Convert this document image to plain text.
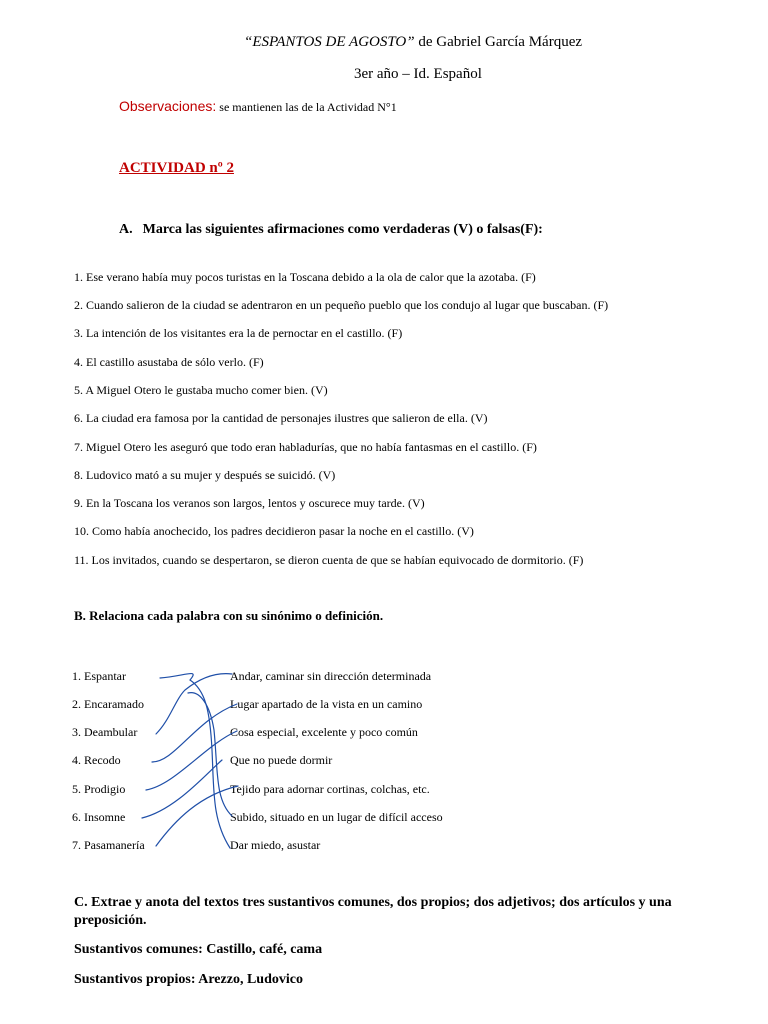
“ESPANTOS DE AGOSTO” de Gabriel García Márquez
3er año – Id. Español
Observaciones: se mantienen las de la Actividad N°1
ACTIVIDAD nº 2
A. Marca las siguientes afirmaciones como verdaderas (V) o falsas(F):
1. Ese verano había muy pocos turistas en la Toscana debido a la ola de calor que la azotaba. (F)
2. Cuando salieron de la ciudad se adentraron en un pequeño pueblo que los condujo al lugar que buscaban. (F)
3. La intención de los visitantes era la de pernoctar en el castillo. (F)
4. El castillo asustaba de sólo verlo. (F)
5. A Miguel Otero le gustaba mucho comer bien. (V)
6. La ciudad era famosa por la cantidad de personajes ilustres que salieron de ella. (V)
7. Miguel Otero les aseguró que todo eran habladurías, que no había fantasmas en el castillo. (F)
8. Ludovico mató a su mujer y después se suicidó. (V)
9. En la Toscana los veranos son largos, lentos y oscurece muy tarde. (V)
10. Como había anochecido, los padres decidieron pasar la noche en el castillo. (V)
11. Los invitados, cuando se despertaron, se dieron cuenta de que se habían equivocado de dormitorio. (F)
B. Relaciona cada palabra con su sinónimo o definición.
1. Espantar
2. Encaramado
3. Deambular
4. Recodo
5. Prodigio
6. Insomne
7. Pasamanería
Andar, caminar sin dirección determinada
Lugar apartado de la vista en un camino
Cosa especial, excelente y poco común
Que no puede dormir
Tejido para adornar cortinas, colchas, etc.
Subido, situado en un lugar de difícil acceso
Dar miedo, asustar
C. Extrae y anota del textos tres sustantivos comunes, dos propios; dos adjetivos; dos artículos y una preposición.
Sustantivos comunes: Castillo, café, cama
Sustantivos propios: Arezzo, Ludovico
